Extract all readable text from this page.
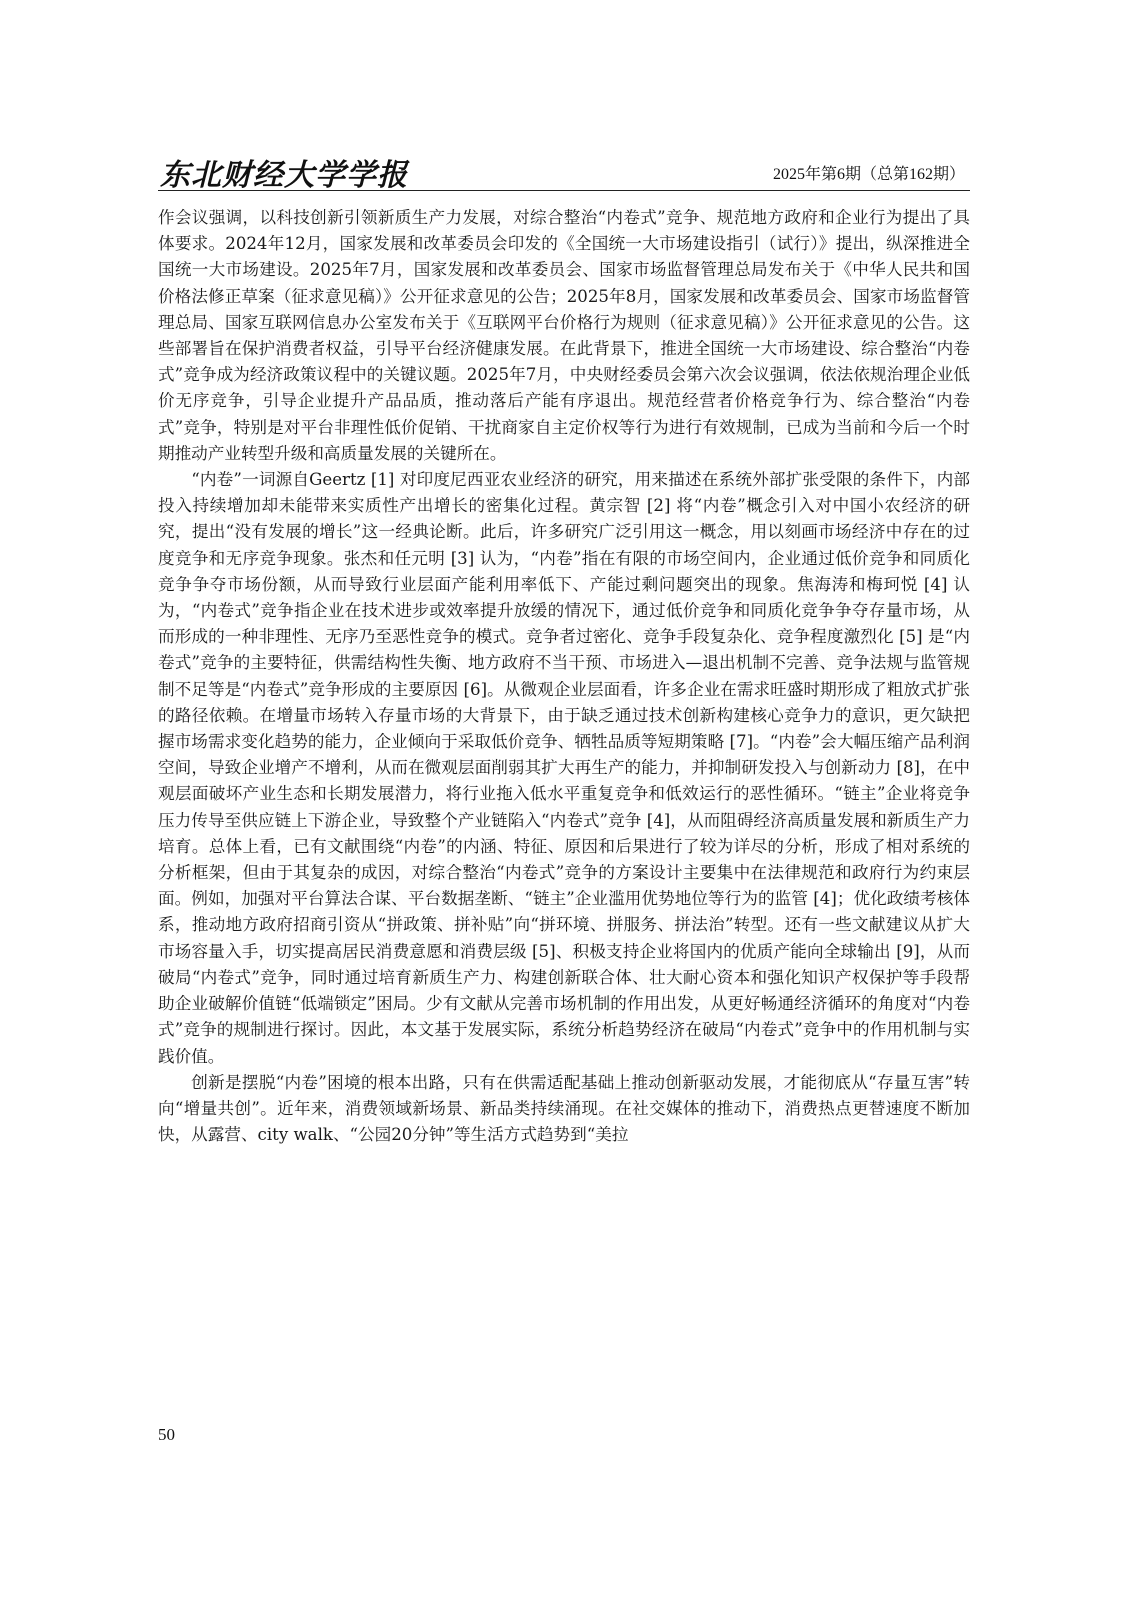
东北财经大学学报	2025年第6期（总第162期）

作会议强调，以科技创新引领新质生产力发展，对综合整治“内卷式”竞争、规范地方政府和企业行为提出了具体要求。2024年12月，国家发展和改革委员会印发的《全国统一大市场建设指引（试行）》提出，纵深推进全国统一大市场建设。2025年7月，国家发展和改革委员会、国家市场监督管理总局发布关于《中华人民共和国价格法修正草案（征求意见稿）》公开征求意见的公告；2025年8月，国家发展和改革委员会、国家市场监督管理总局、国家互联网信息办公室发布关于《互联网平台价格行为规则（征求意见稿）》公开征求意见的公告。这些部署旨在保护消费者权益，引导平台经济健康发展。在此背景下，推进全国统一大市场建设、综合整治“内卷式”竞争成为经济政策议程中的关键议题。2025年7月，中央财经委员会第六次会议强调，依法依规治理企业低价无序竞争，引导企业提升产品品质，推动落后产能有序退出。规范经营者价格竞争行为、综合整治“内卷式”竞争，特别是对平台非理性低价促销、干扰商家自主定价权等行为进行有效规制，已成为当前和今后一个时期推动产业转型升级和高质量发展的关键所在。

“内卷”一词源自Geertz [1] 对印度尼西亚农业经济的研究，用来描述在系统外部扩张受限的条件下，内部投入持续增加却未能带来实质性产出增长的密集化过程。黄宗智 [2] 将“内卷”概念引入对中国小农经济的研究，提出“没有发展的增长”这一经典论断。此后，许多研究广泛引用这一概念，用以刻画市场经济中存在的过度竞争和无序竞争现象。张杰和任元明 [3] 认为，“内卷”指在有限的市场空间内，企业通过低价竞争和同质化竞争争夺市场份额，从而导致行业层面产能利用率低下、产能过剩问题突出的现象。焦海涛和梅珂悦 [4] 认为，“内卷式”竞争指企业在技术进步或效率提升放缓的情况下，通过低价竞争和同质化竞争争夺存量市场，从而形成的一种非理性、无序乃至恶性竞争的模式。竞争者过密化、竞争手段复杂化、竞争程度激烈化 [5] 是“内卷式”竞争的主要特征，供需结构性失衡、地方政府不当干预、市场进入—退出机制不完善、竞争法规与监管规制不足等是“内卷式”竞争形成的主要原因 [6]。从微观企业层面看，许多企业在需求旺盛时期形成了粗放式扩张的路径依赖。在增量市场转入存量市场的大背景下，由于缺乏通过技术创新构建核心竞争力的意识，更欠缺把握市场需求变化趋势的能力，企业倾向于采取低价竞争、牺牲品质等短期策略 [7]。“内卷”会大幅压缩产品利润空间，导致企业增产不增利，从而在微观层面削弱其扩大再生产的能力，并抑制研发投入与创新动力 [8]，在中观层面破坏产业生态和长期发展潜力，将行业拖入低水平重复竞争和低效运行的恶性循环。“链主”企业将竞争压力传导至供应链上下游企业，导致整个产业链陷入“内卷式”竞争 [4]，从而阻碍经济高质量发展和新质生产力培育。总体上看，已有文献围绕“内卷”的内涵、特征、原因和后果进行了较为详尽的分析，形成了相对系统的分析框架，但由于其复杂的成因，对综合整治“内卷式”竞争的方案设计主要集中在法律规范和政府行为约束层面。例如，加强对平台算法合谋、平台数据垄断、“链主”企业滥用优势地位等行为的监管 [4]；优化政绩考核体系，推动地方政府招商引资从“拼政策、拼补贴”向“拼环境、拼服务、拼法治”转型。还有一些文献建议从扩大市场容量入手，切实提高居民消费意愿和消费层级 [5]、积极支持企业将国内的优质产能向全球输出 [9]，从而破局“内卷式”竞争，同时通过培育新质生产力、构建创新联合体、壮大耐心资本和强化知识产权保护等手段帮助企业破解价值链“低端锁定”困局。少有文献从完善市场机制的作用出发，从更好畅通经济循环的角度对“内卷式”竞争的规制进行探讨。因此，本文基于发展实际，系统分析趋势经济在破局“内卷式”竞争中的作用机制与实践价值。

创新是摆脱“内卷”困境的根本出路，只有在供需适配基础上推动创新驱动发展，才能彻底从“存量互害”转向“增量共创”。近年来，消费领域新场景、新品类持续涌现。在社交媒体的推动下，消费热点更替速度不断加快，从露营、city walk、“公园20分钟”等生活方式趋势到“美拉

50
